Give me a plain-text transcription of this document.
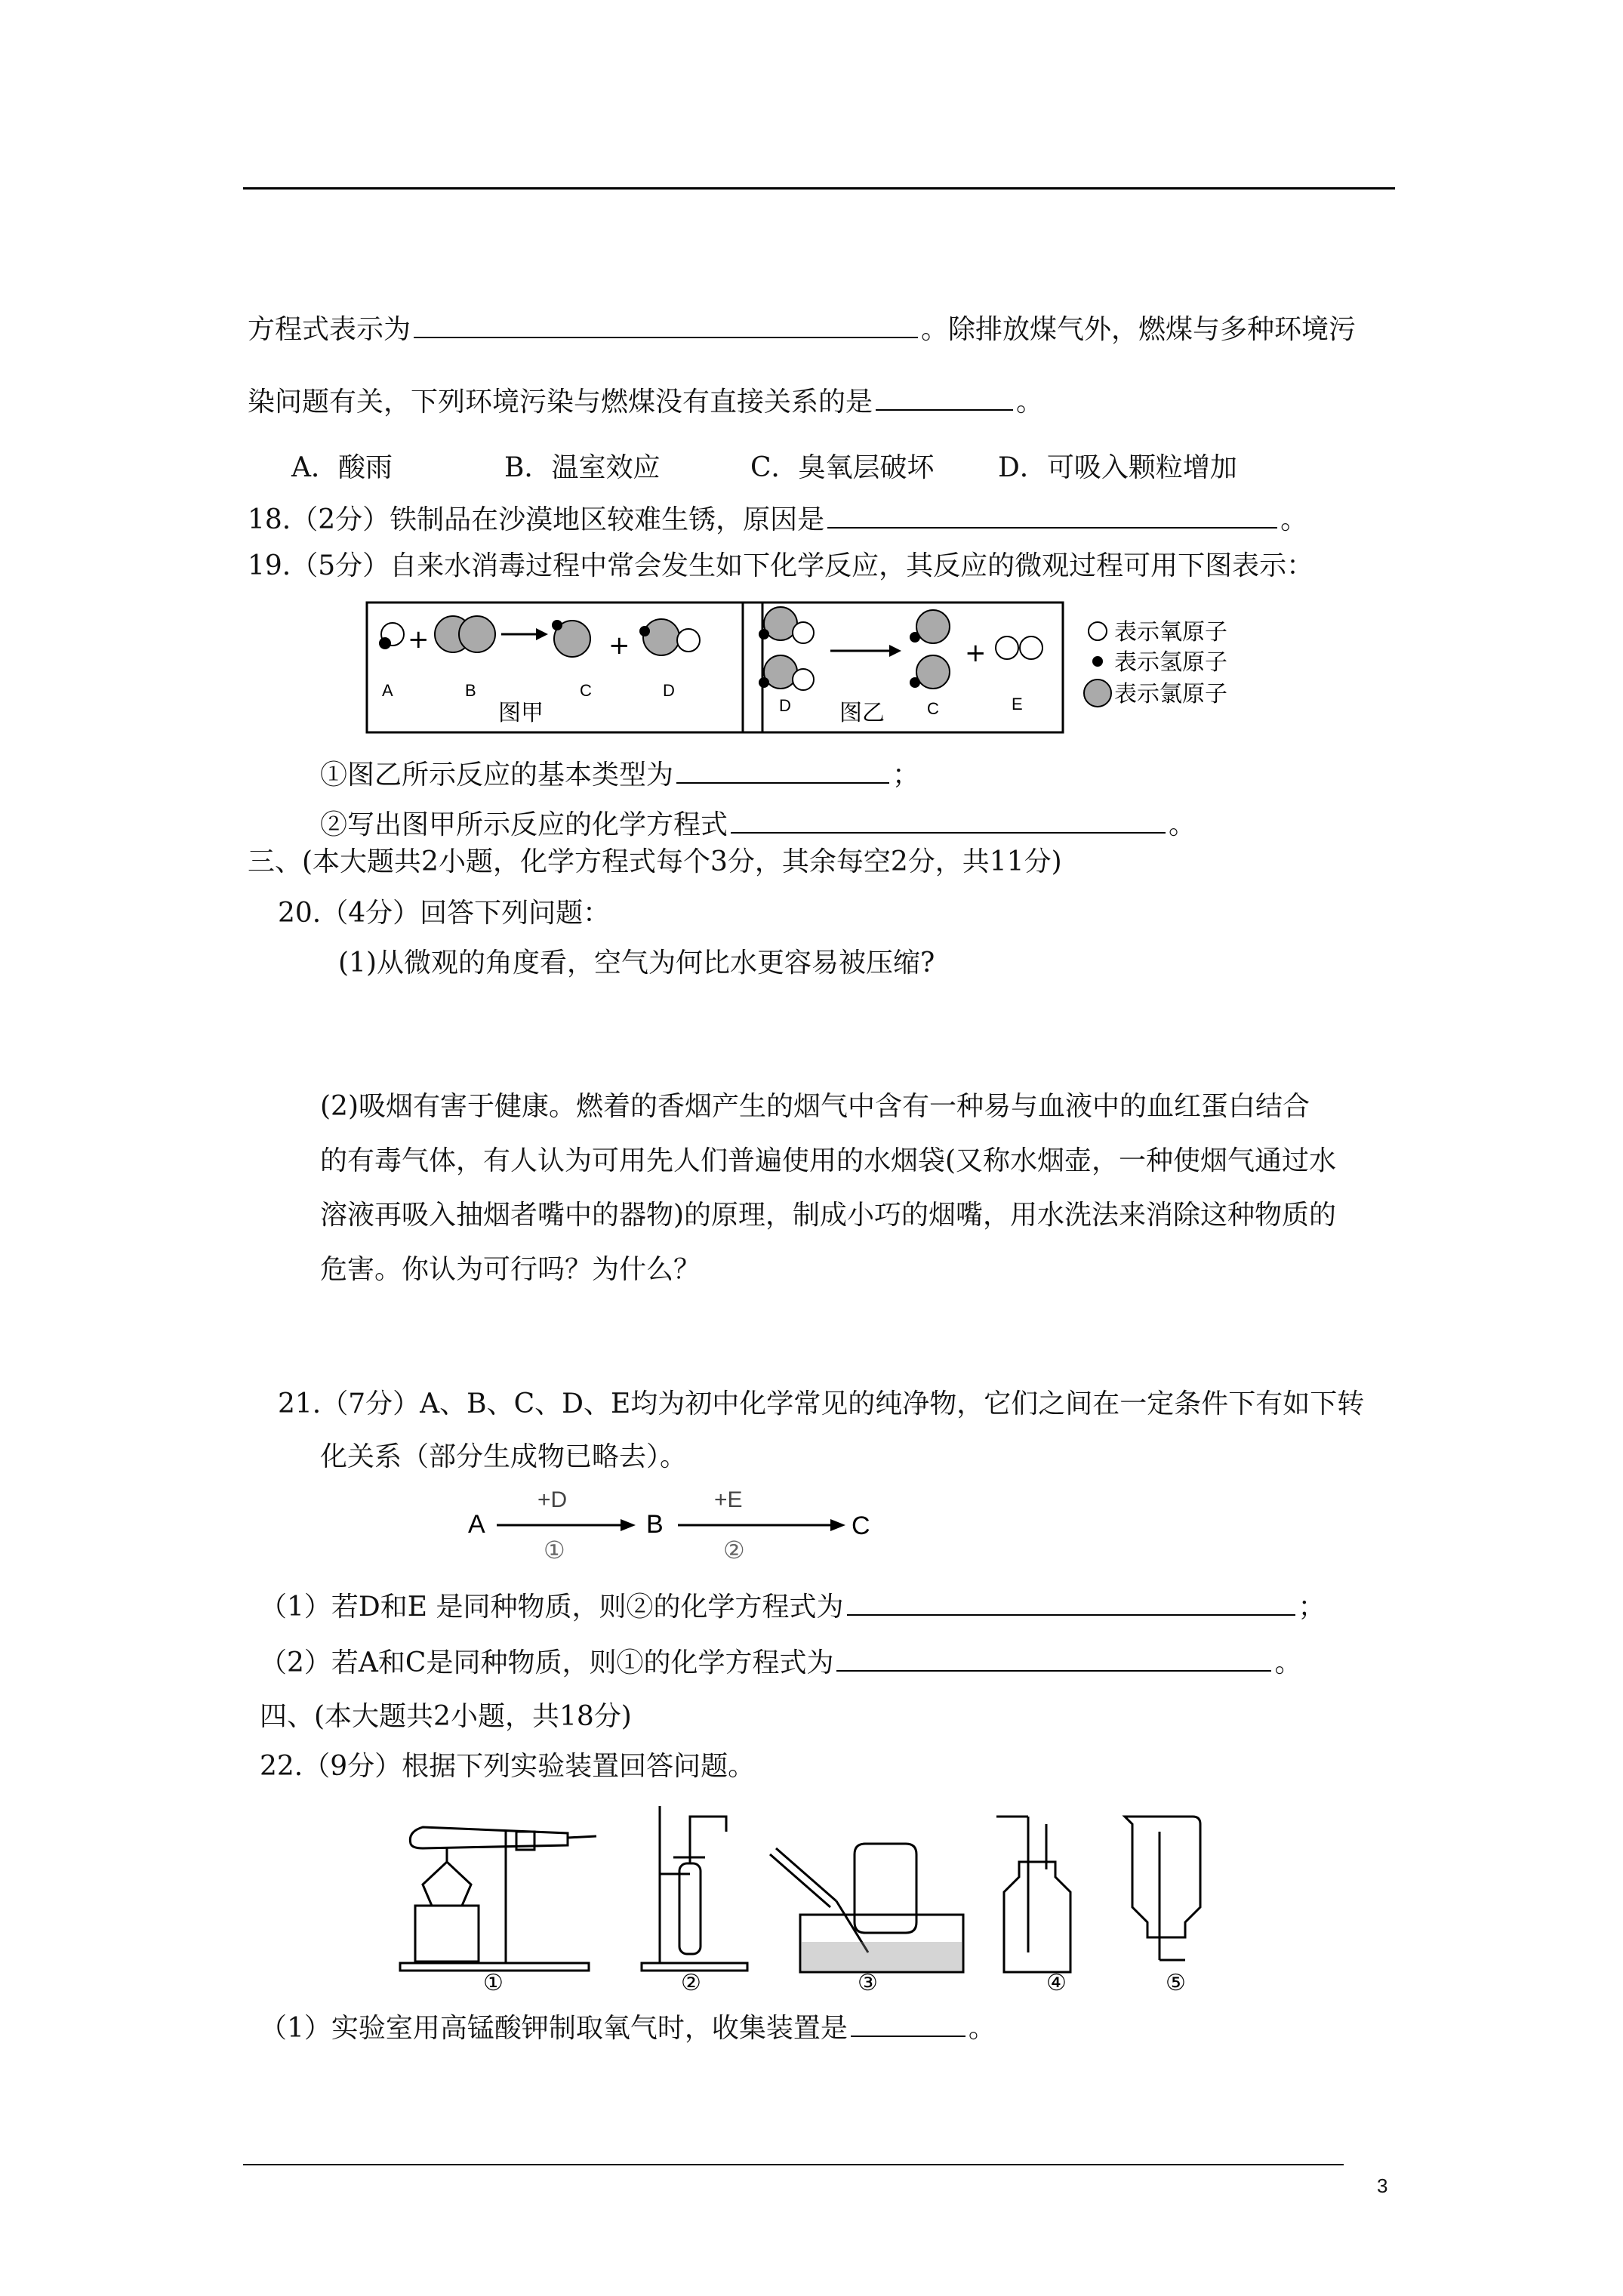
方程式表示为	。除排放煤气外，燃煤与多种环境污
染问题有关，下列环境污染与燃煤没有直接关系的是	。
A．酸雨	B．温室效应	C．臭氧层破坏 D．可吸入颗粒增加
18.（2分）铁制品在沙漠地区较难生锈，原因是	。
19.（5分）自来水消毒过程中常会发生如下化学反应，其反应的微观过程可用下图表示：
+	+
A	B	C	D
图甲
+
D	C	E
图乙
表示氧原子
表示氢原子
表示氯原子
①图乙所示反应的基本类型为	；
②写出图甲所示反应的化学方程式	。
三、(本大题共2小题，化学方程式每个3分，其余每空2分，共11分)
20.（4分）回答下列问题：
(1)从微观的角度看，空气为何比水更容易被压缩?
(2)吸烟有害于健康。燃着的香烟产生的烟气中含有一种易与血液中的血红蛋白结合
的有毒气体，有人认为可用先人们普遍使用的水烟袋(又称水烟壶，一种使烟气通过水
溶液再吸入抽烟者嘴中的器物)的原理，制成小巧的烟嘴，用水洗法来消除这种物质的
危害。你认为可行吗？为什么？
21.（7分）A、B、C、D、E均为初中化学常见的纯净物，它们之间在一定条件下有如下转
化关系（部分生成物已略去）。
A
+D
①
B
+E
②
C
（1）若D和E 是同种物质，则②的化学方程式为	；
（2）若A和C是同种物质，则①的化学方程式为	。
四、(本大题共2小题，共18分)
22.（9分）根据下列实验装置回答问题。
①	②	③	④	⑤
（1）实验室用高锰酸钾制取氧气时，收集装置是	。
3
